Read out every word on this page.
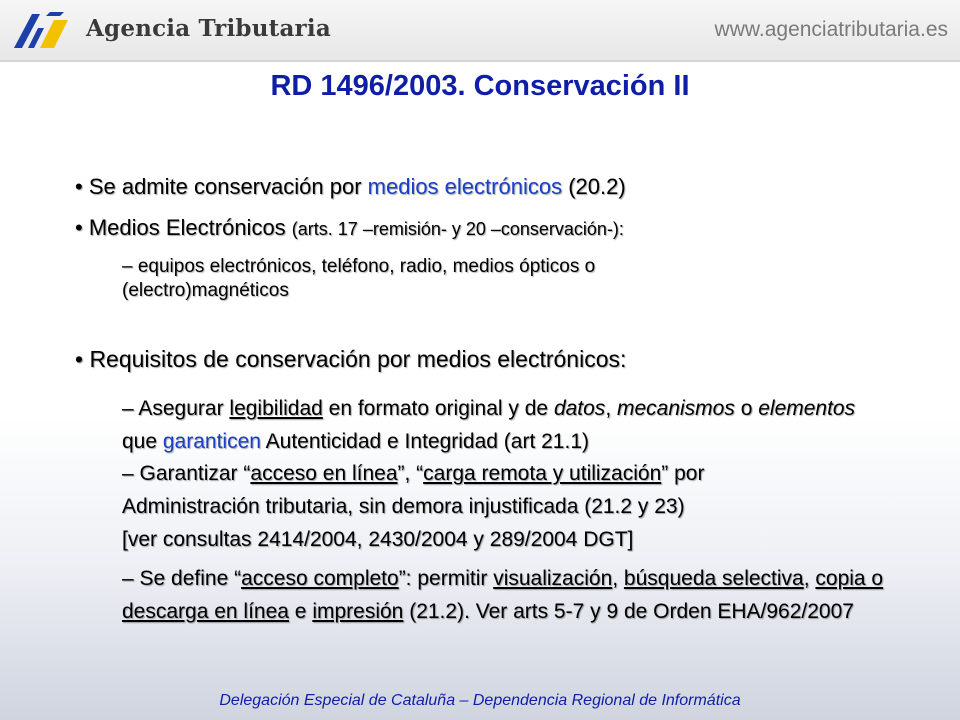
Agencia Tributaria	www.agenciatributaria.es
RD 1496/2003. Conservación II
• Se admite conservación por medios electrónicos (20.2)
• Medios Electrónicos (arts. 17 –remisión- y 20 –conservación-):
– equipos electrónicos, teléfono, radio, medios ópticos o (electro)magnéticos
• Requisitos de conservación por medios electrónicos:
– Asegurar legibilidad en formato original y de datos, mecanismos o elementos que garanticen Autenticidad e Integridad (art 21.1)
– Garantizar “acceso en línea”, “carga remota y utilización” por Administración tributaria, sin demora injustificada (21.2 y 23)
[ver consultas 2414/2004, 2430/2004 y 289/2004 DGT]
– Se define “acceso completo”: permitir visualización, búsqueda selectiva, copia o descarga en línea e impresión (21.2). Ver arts 5-7 y 9 de Orden EHA/962/2007
Delegación Especial de Cataluña – Dependencia Regional de Informática
